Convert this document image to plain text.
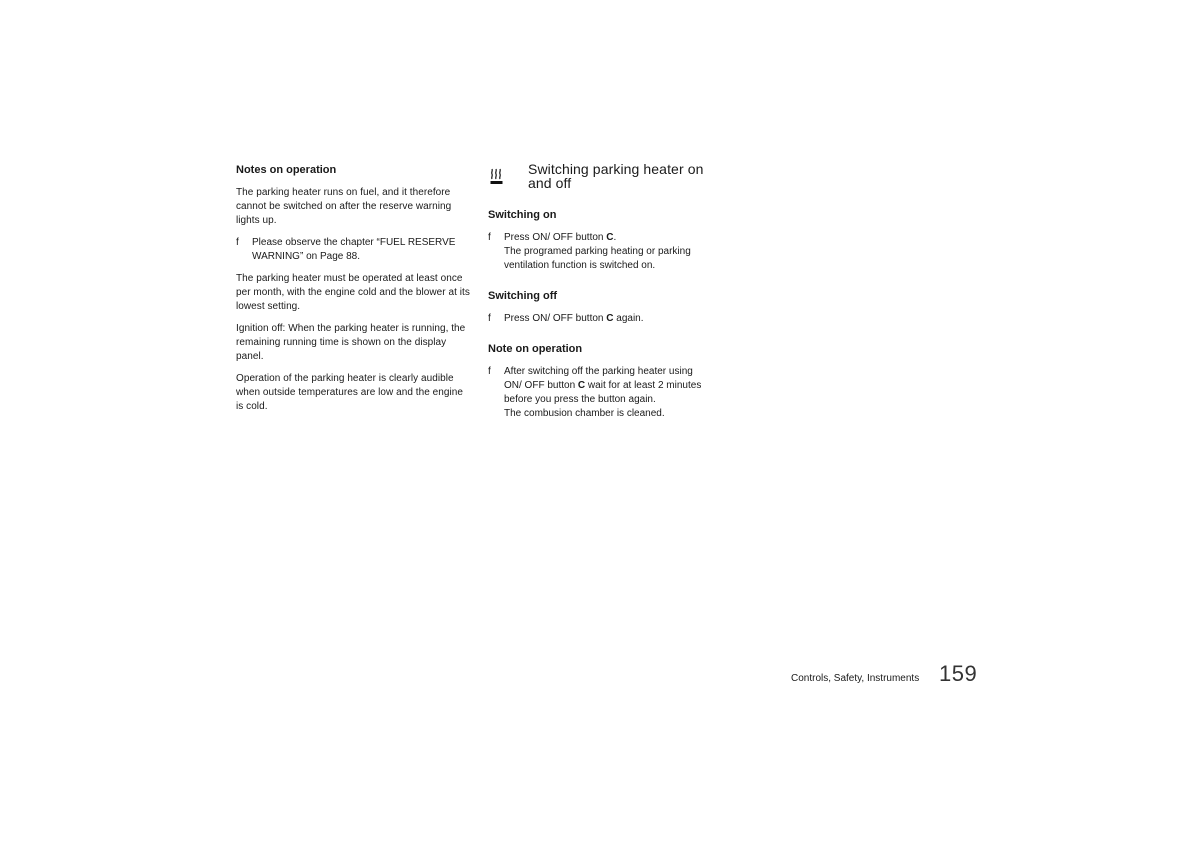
Notes on operation

The parking heater runs on fuel, and it therefore cannot be switched on after the reserve warning lights up.

f Please observe the chapter “FUEL RESERVE WARNING” on Page 88.

The parking heater must be operated at least once per month, with the engine cold and the blower at its lowest setting.

Ignition off: When the parking heater is running, the remaining running time is shown on the display panel.

Operation of the parking heater is clearly audible when outside temperatures are low and the engine is cold.

Switching parking heater on and off
Switching on
f Press ON/ OFF button C.
The programed parking heating or parking ventilation function is switched on.
Switching off
f Press ON/ OFF button C again.
Note on operation
f After switching off the parking heater using
ON/ OFF button C wait for at least 2 minutes
before you press the button again.
The combusion chamber is cleaned.
Controls, Safety, Instruments 159
